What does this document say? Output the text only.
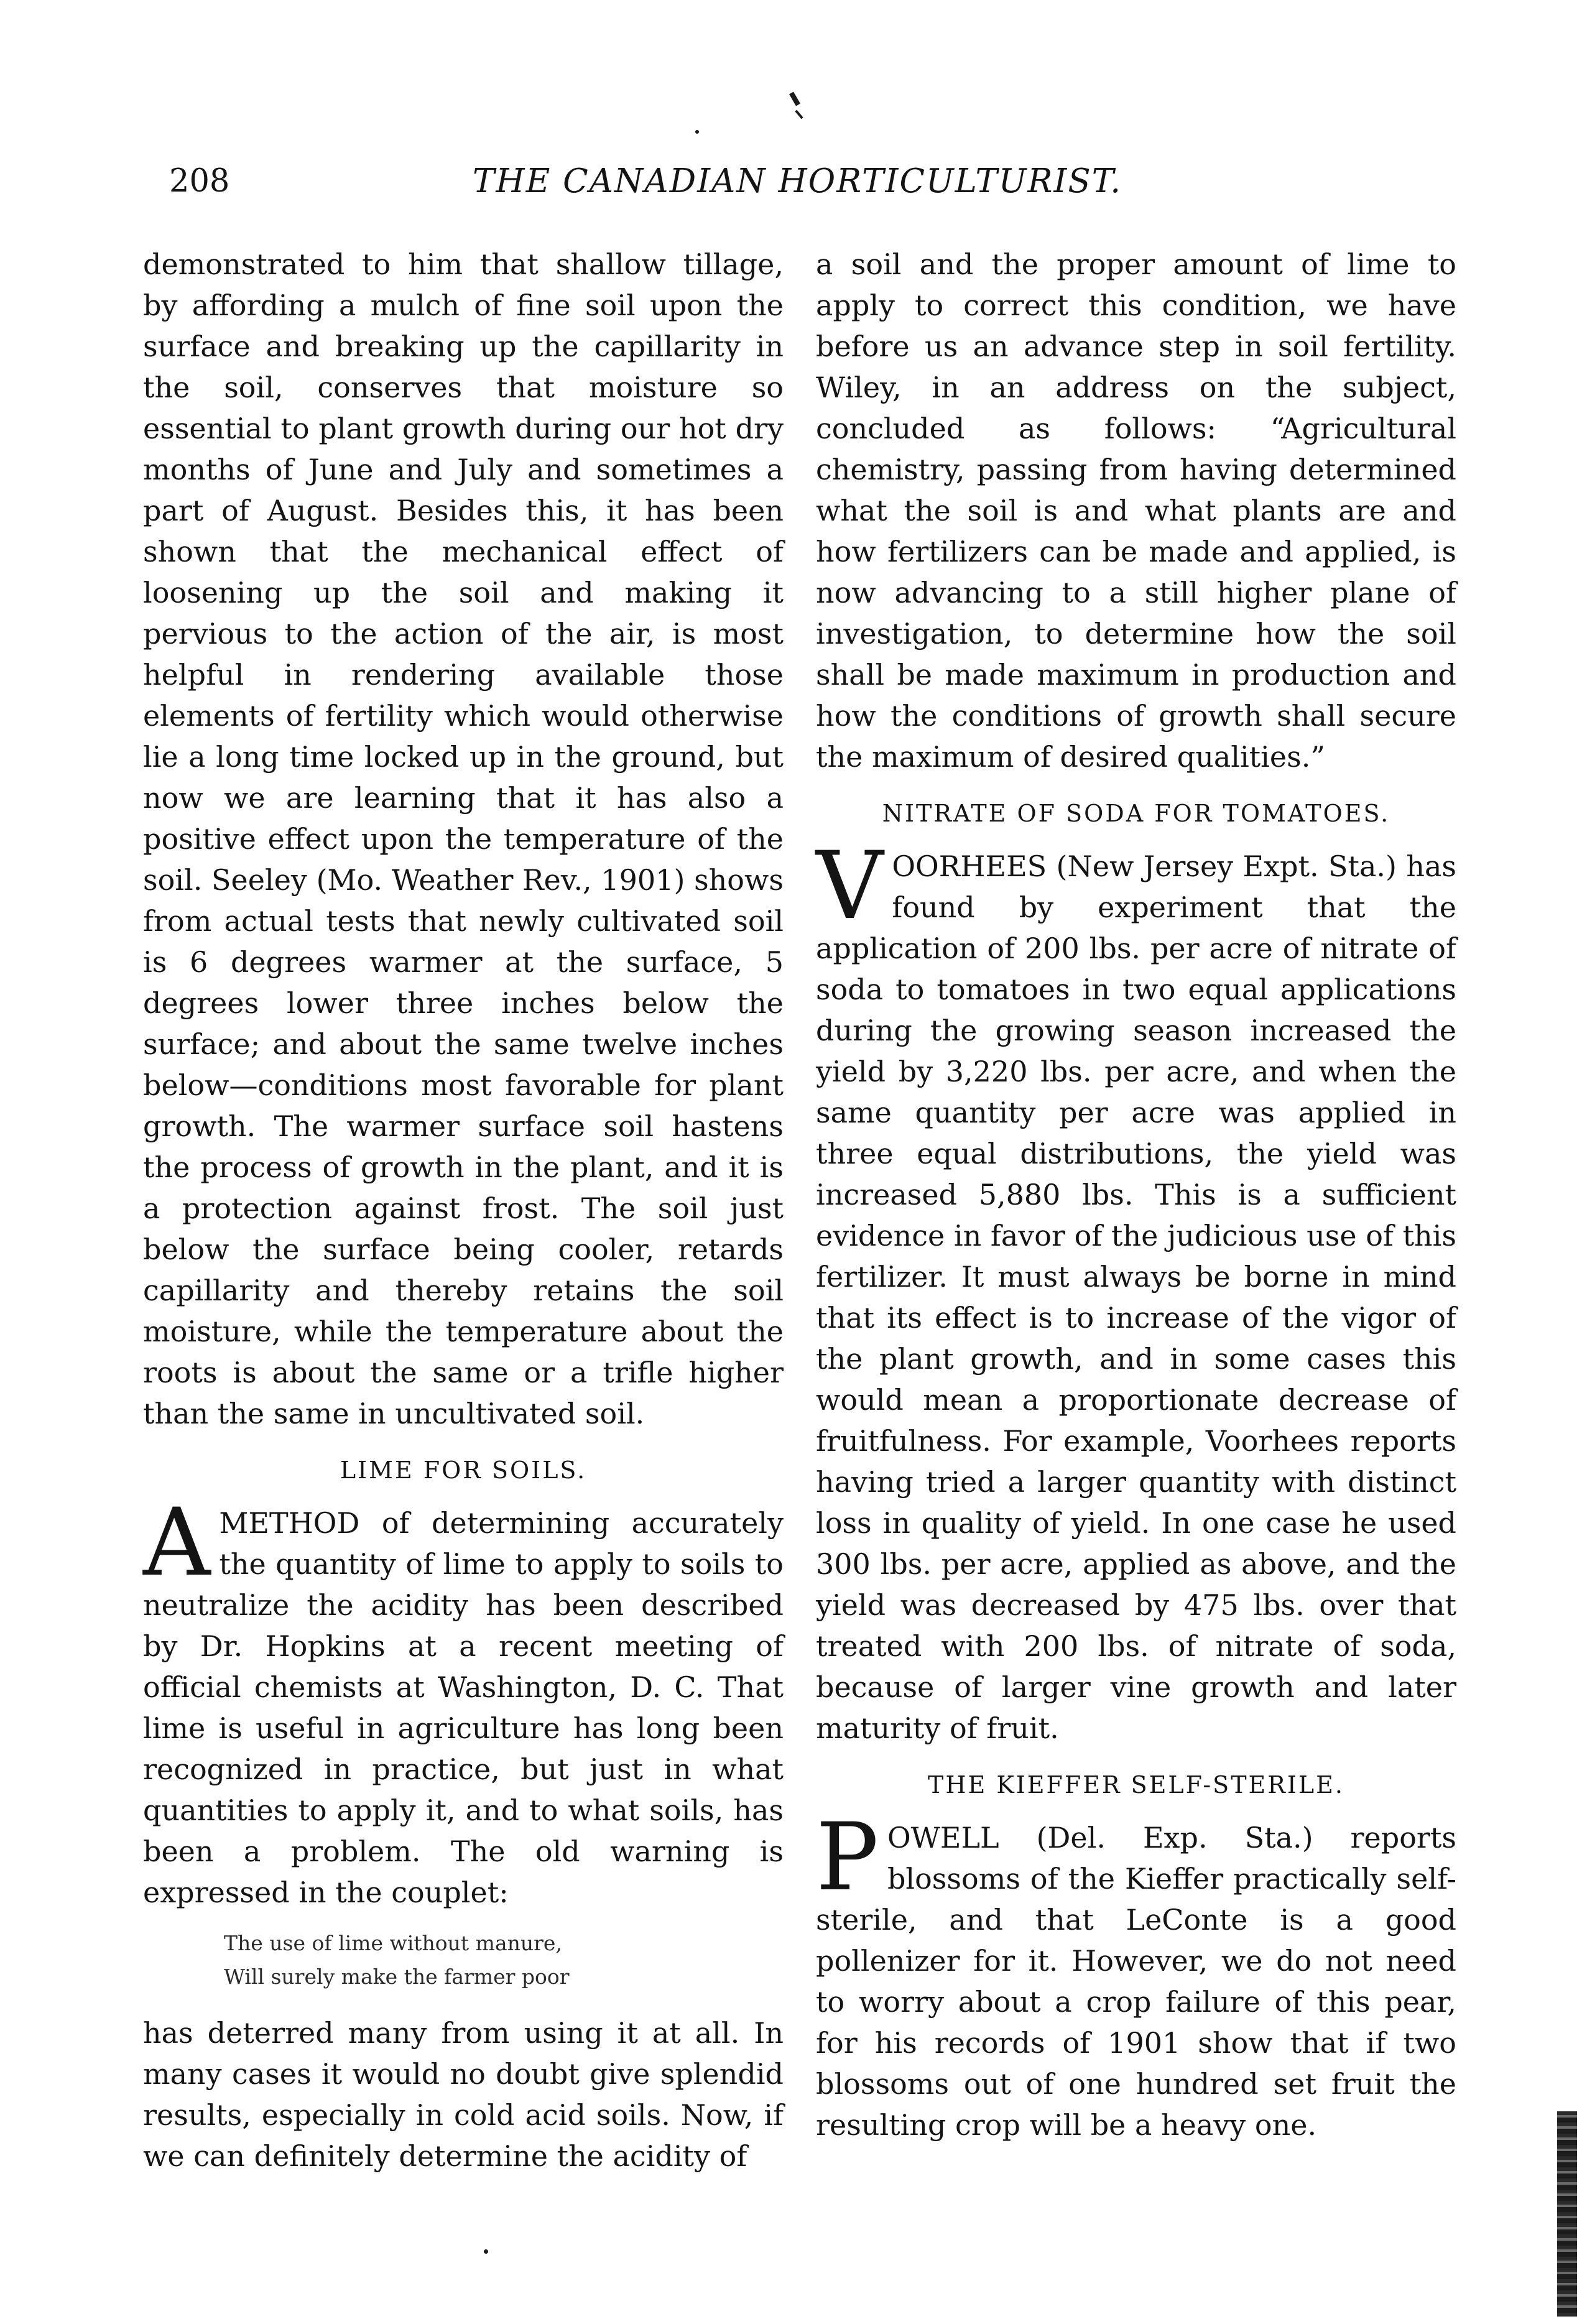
208	THE CANADIAN HORTICULTURIST.

demonstrated to him that shallow tillage, by affording a mulch of fine soil upon the surface and breaking up the capillarity in the soil, conserves that moisture so essential to plant growth during our hot dry months of June and July and sometimes a part of August. Besides this, it has been shown that the mechanical effect of loosening up the soil and making it pervious to the action of the air, is most helpful in rendering available those elements of fertility which would otherwise lie a long time locked up in the ground, but now we are learning that it has also a positive effect upon the temperature of the soil. Seeley (Mo. Weather Rev., 1901) shows from actual tests that newly cultivated soil is 6 degrees warmer at the surface, 5 degrees lower three inches below the surface; and about the same twelve inches below—conditions most favorable for plant growth. The warmer surface soil hastens the process of growth in the plant, and it is a protection against frost. The soil just below the surface being cooler, retards capillarity and thereby retains the soil moisture, while the temperature about the roots is about the same or a trifle higher than the same in uncultivated soil.

LIME FOR SOILS.

AMETHOD of determining accurately the quantity of lime to apply to soils to neutralize the acidity has been described by Dr. Hopkins at a recent meeting of official chemists at Washington, D. C. That lime is useful in agriculture has long been recognized in practice, but just in what quantities to apply it, and to what soils, has been a problem. The old warning is expressed in the couplet:

The use of lime without manure,
Will surely make the farmer poor

has deterred many from using it at all. In many cases it would no doubt give splendid results, especially in cold acid soils. Now, if we can definitely determine the acidity of

a soil and the proper amount of lime to apply to correct this condition, we have before us an advance step in soil fertility. Wiley, in an address on the subject, concluded as follows: “Agricultural chemistry, passing from having determined what the soil is and what plants are and how fertilizers can be made and applied, is now advancing to a still higher plane of investigation, to determine how the soil shall be made maximum in production and how the conditions of growth shall secure the maximum of desired qualities.”

NITRATE OF SODA FOR TOMATOES.

VOORHEES (New Jersey Expt. Sta.) has found by experiment that the application of 200 lbs. per acre of nitrate of soda to tomatoes in two equal applications during the growing season increased the yield by 3,220 lbs. per acre, and when the same quantity per acre was applied in three equal distributions, the yield was increased 5,880 lbs. This is a sufficient evidence in favor of the judicious use of this fertilizer. It must always be borne in mind that its effect is to increase of the vigor of the plant growth, and in some cases this would mean a proportionate decrease of fruitfulness. For example, Voorhees reports having tried a larger quantity with distinct loss in quality of yield. In one case he used 300 lbs. per acre, applied as above, and the yield was decreased by 475 lbs. over that treated with 200 lbs. of nitrate of soda, because of larger vine growth and later maturity of fruit.

THE KIEFFER SELF-STERILE.

POWELL (Del. Exp. Sta.) reports blossoms of the Kieffer practically self-sterile, and that LeConte is a good pollenizer for it. However, we do not need to worry about a crop failure of this pear, for his records of 1901 show that if two blossoms out of one hundred set fruit the resulting crop will be a heavy one.
